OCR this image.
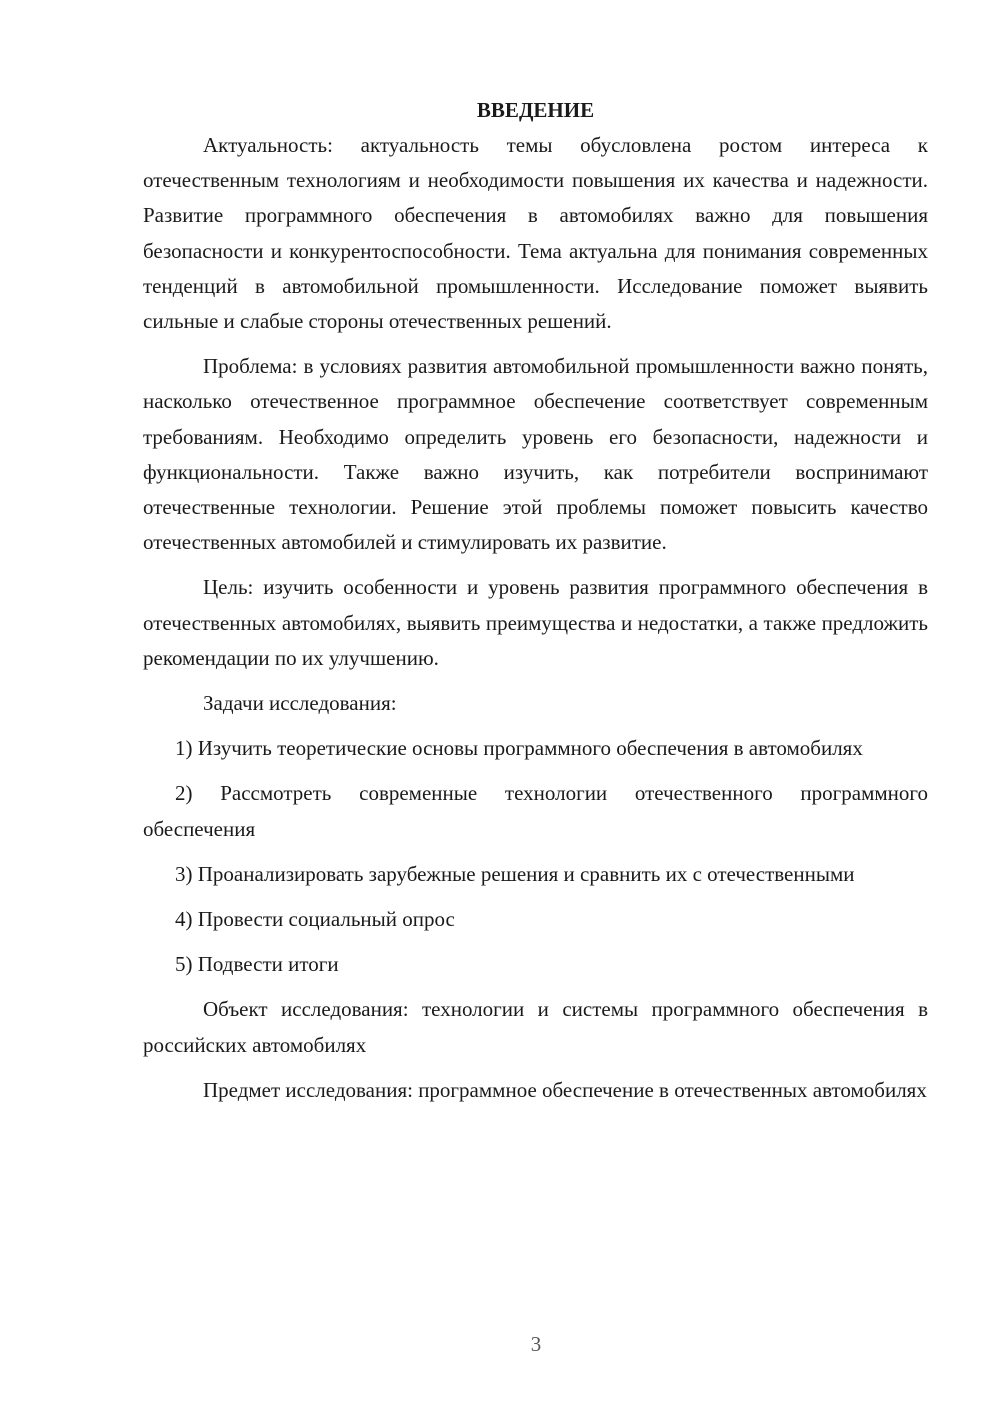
ВВЕДЕНИЕ

Актуальность: актуальность темы обусловлена ростом интереса к отечественным технологиям и необходимости повышения их качества и надежности. Развитие программного обеспечения в автомобилях важно для повышения безопасности и конкурентоспособности. Тема актуальна для понимания современных тенденций в автомобильной промышленности. Исследование поможет выявить сильные и слабые стороны отечественных решений.

Проблема: в условиях развития автомобильной промышленности важно понять, насколько отечественное программное обеспечение соответствует современным требованиям. Необходимо определить уровень его безопасности, надежности и функциональности. Также важно изучить, как потребители воспринимают отечественные технологии. Решение этой проблемы поможет повысить качество отечественных автомобилей и стимулировать их развитие.

Цель: изучить особенности и уровень развития программного обеспечения в отечественных автомобилях, выявить преимущества и недостатки, а также предложить рекомендации по их улучшению.

Задачи исследования:

1) Изучить теоретические основы программного обеспечения в автомобилях

2) Рассмотреть современные технологии отечественного программного обеспечения

3) Проанализировать зарубежные решения и сравнить их с отечественными

4) Провести социальный опрос

5) Подвести итоги

Объект исследования: технологии и системы программного обеспечения в российских автомобилях

Предмет исследования: программное обеспечение в отечественных автомобилях

3
